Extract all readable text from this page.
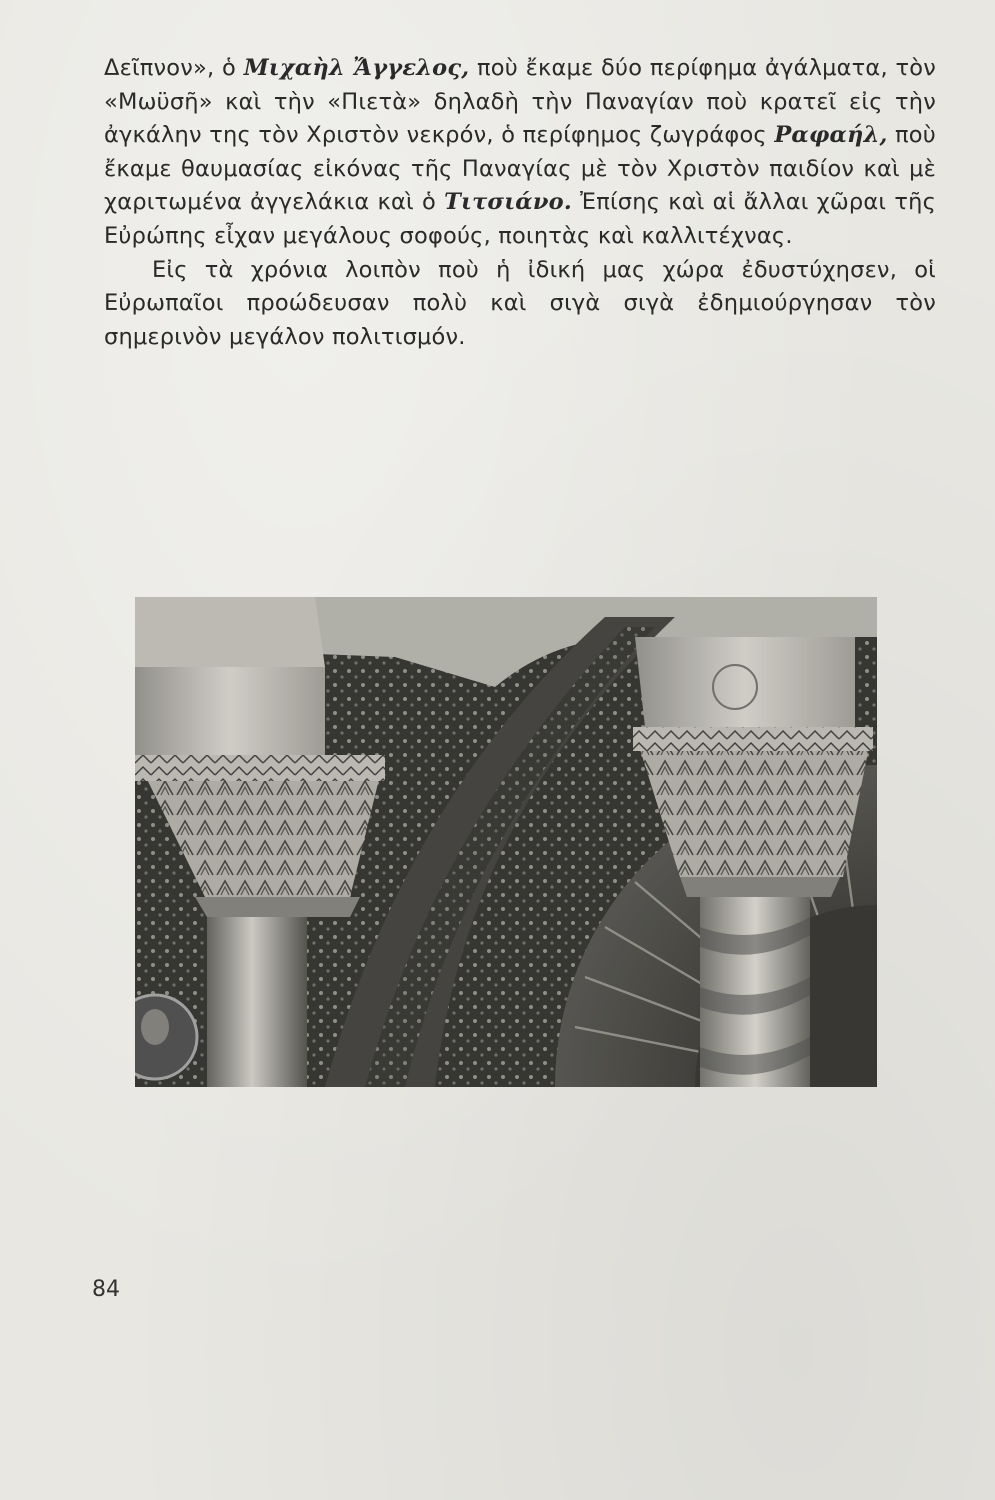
Δεῖπνον», ὁ Μιχαὴλ Ἄγγελος, ποὺ ἔκαμε δύο περίφημα ἀγάλματα, τὸν «Μωϋσῆ» καὶ τὴν «Πιετὰ» δηλαδὴ τὴν Παναγίαν ποὺ κρατεῖ εἰς τὴν ἀγκάλην της τὸν Χριστὸν νεκρόν, ὁ περίφημος ζωγράφος Ραφαήλ, ποὺ ἔκαμε θαυμασίας εἰκόνας τῆς Παναγίας μὲ τὸν Χριστὸν παιδίον καὶ μὲ χαριτωμένα ἀγγελάκια καὶ ὁ Τιτσιάνο. Ἐπίσης καὶ αἱ ἄλλαι χῶραι τῆς Εὐρώπης εἶχαν μεγάλους σοφούς, ποιητὰς καὶ καλλιτέχνας.

Εἰς τὰ χρόνια λοιπὸν ποὺ ἡ ἰδική μας χώρα ἐδυστύχησεν, οἱ Εὐρωπαῖοι προώδευσαν πολὺ καὶ σιγὰ σιγὰ ἐδημιούργησαν τὸν σημερινὸν μεγάλον πολιτισμόν.

84
